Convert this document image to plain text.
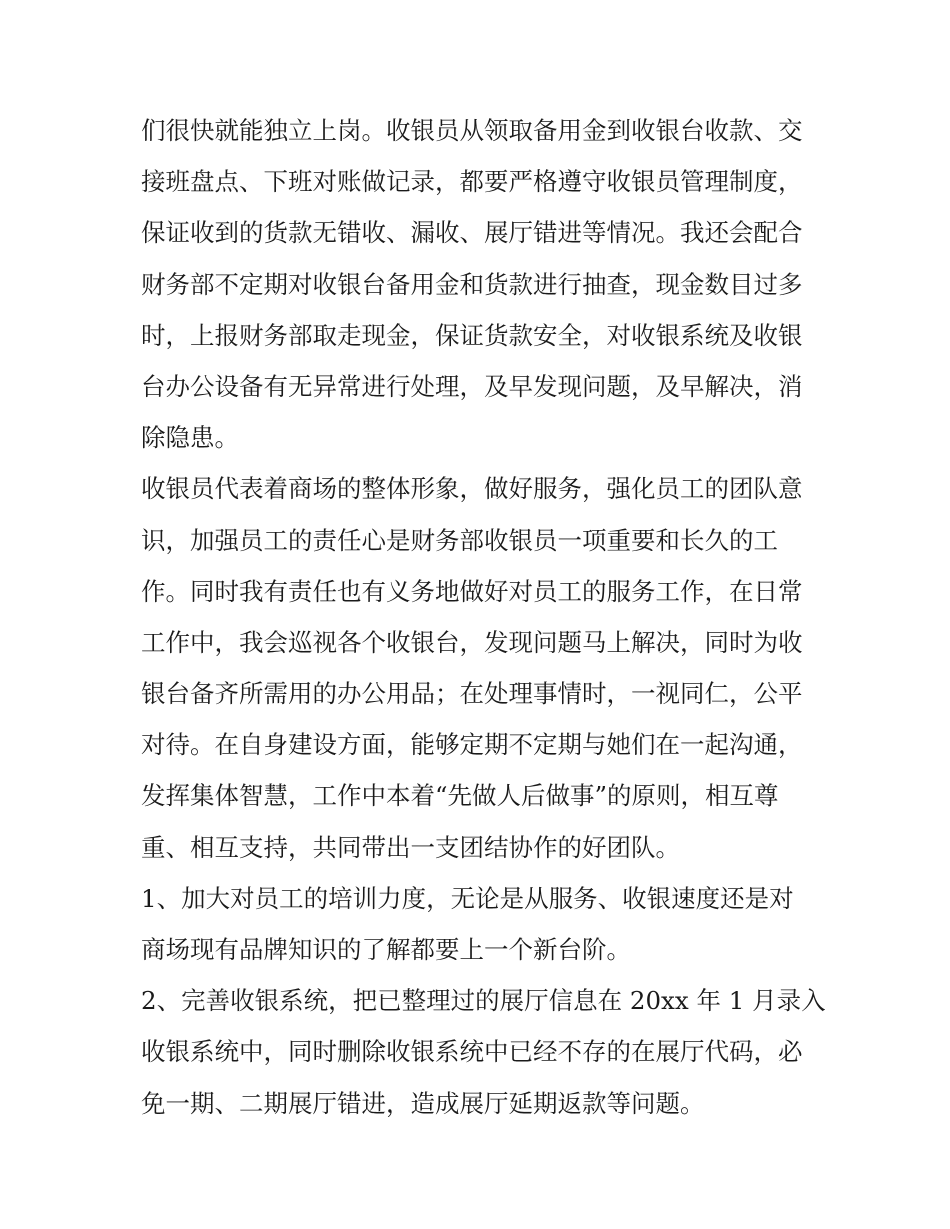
们很快就能独立上岗。收银员从领取备用金到收银台收款、交
接班盘点、下班对账做记录，都要严格遵守收银员管理制度，
保证收到的货款无错收、漏收、展厅错进等情况。我还会配合
财务部不定期对收银台备用金和货款进行抽查，现金数目过多
时，上报财务部取走现金，保证货款安全，对收银系统及收银
台办公设备有无异常进行处理，及早发现问题，及早解决，消
除隐患。
收银员代表着商场的整体形象，做好服务，强化员工的团队意
识，加强员工的责任心是财务部收银员一项重要和长久的工
作。同时我有责任也有义务地做好对员工的服务工作，在日常
工作中，我会巡视各个收银台，发现问题马上解决，同时为收
银台备齐所需用的办公用品；在处理事情时，一视同仁，公平
对待。在自身建设方面，能够定期不定期与她们在一起沟通，
发挥集体智慧，工作中本着“先做人后做事”的原则，相互尊
重、相互支持，共同带出一支团结协作的好团队。
1、加大对员工的培训力度，无论是从服务、收银速度还是对
商场现有品牌知识的了解都要上一个新台阶。
2、完善收银系统，把已整理过的展厅信息在 20xx 年 1 月录入
收银系统中，同时删除收银系统中已经不存的在展厅代码，必
免一期、二期展厅错进，造成展厅延期返款等问题。
